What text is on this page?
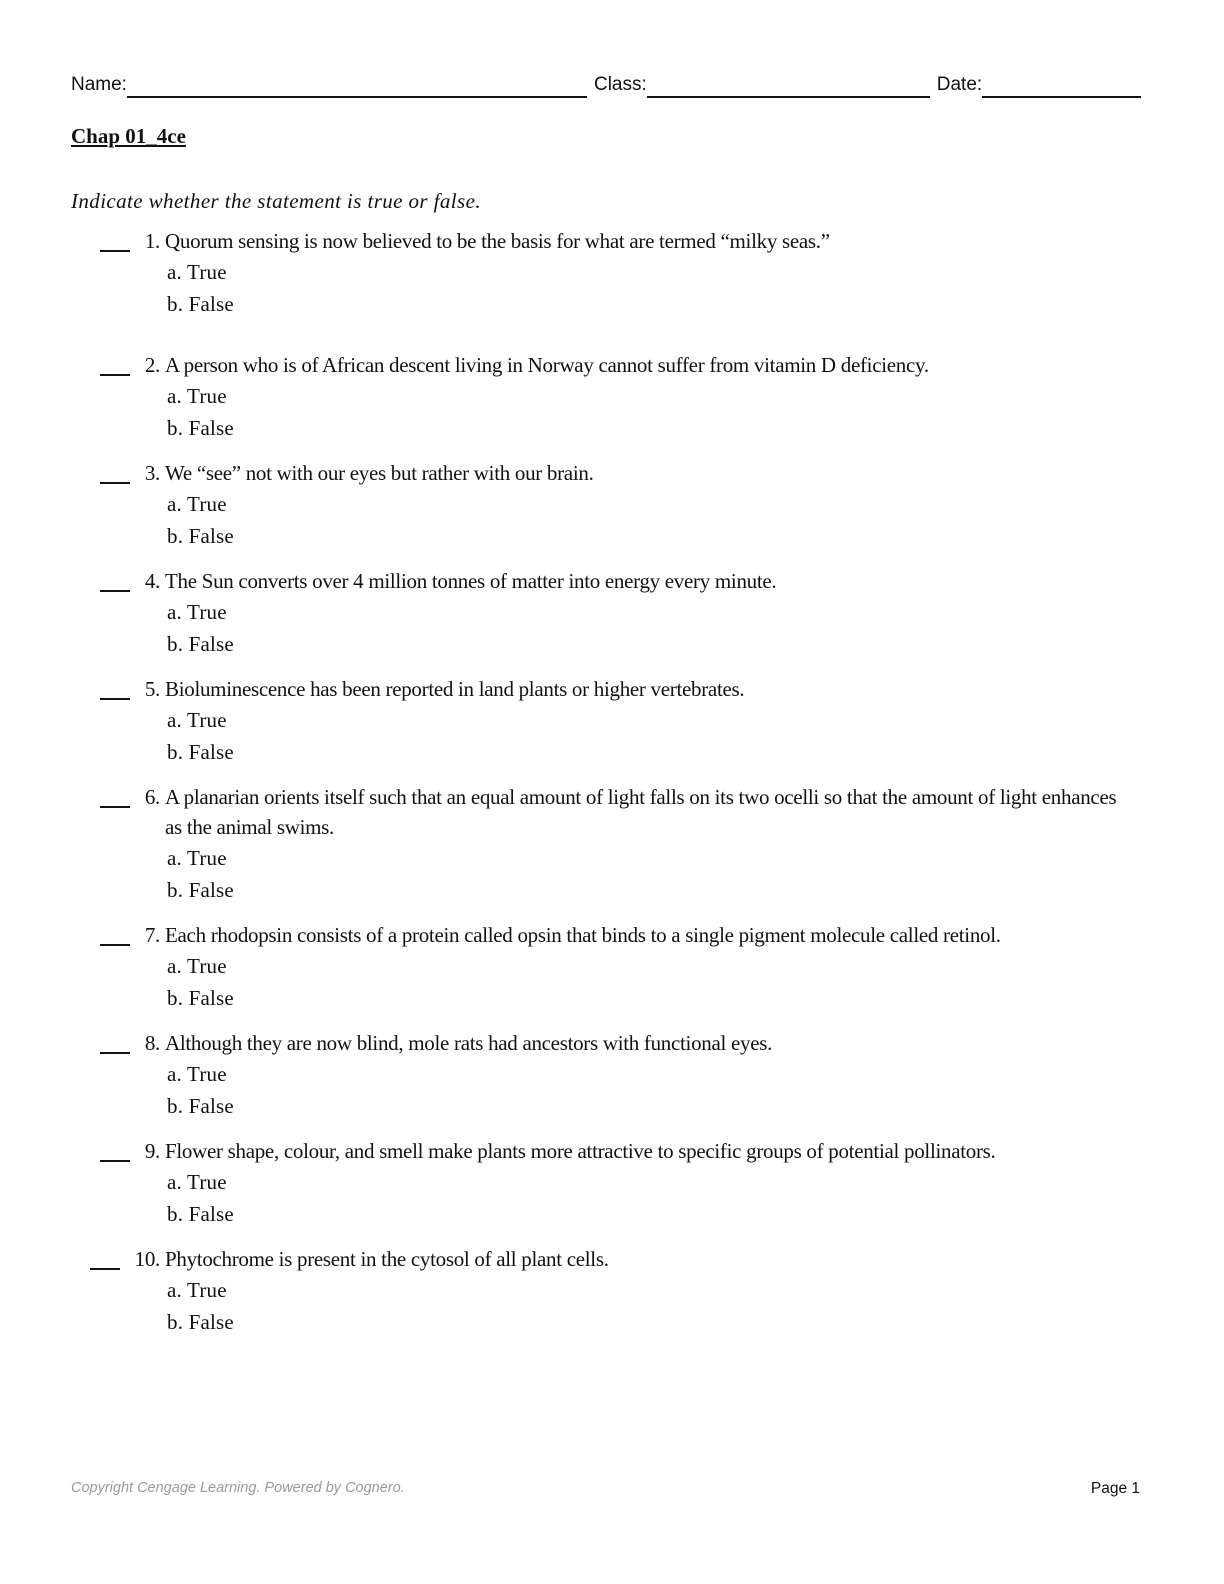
Name:	Class:	Date:
Chap 01_4ce
Indicate whether the statement is true or false.
1. Quorum sensing is now believed to be the basis for what are termed “milky seas.”
a. True
b. False
2. A person who is of African descent living in Norway cannot suffer from vitamin D deficiency.
a. True
b. False
3. We “see” not with our eyes but rather with our brain.
a. True
b. False
4. The Sun converts over 4 million tonnes of matter into energy every minute.
a. True
b. False
5. Bioluminescence has been reported in land plants or higher vertebrates.
a. True
b. False
6. A planarian orients itself such that an equal amount of light falls on its two ocelli so that the amount of light enhances as the animal swims.
a. True
b. False
7. Each rhodopsin consists of a protein called opsin that binds to a single pigment molecule called retinol.
a. True
b. False
8. Although they are now blind, mole rats had ancestors with functional eyes.
a. True
b. False
9. Flower shape, colour, and smell make plants more attractive to specific groups of potential pollinators.
a. True
b. False
10. Phytochrome is present in the cytosol of all plant cells.
a. True
b. False
Copyright Cengage Learning. Powered by Cognero.	Page 1
